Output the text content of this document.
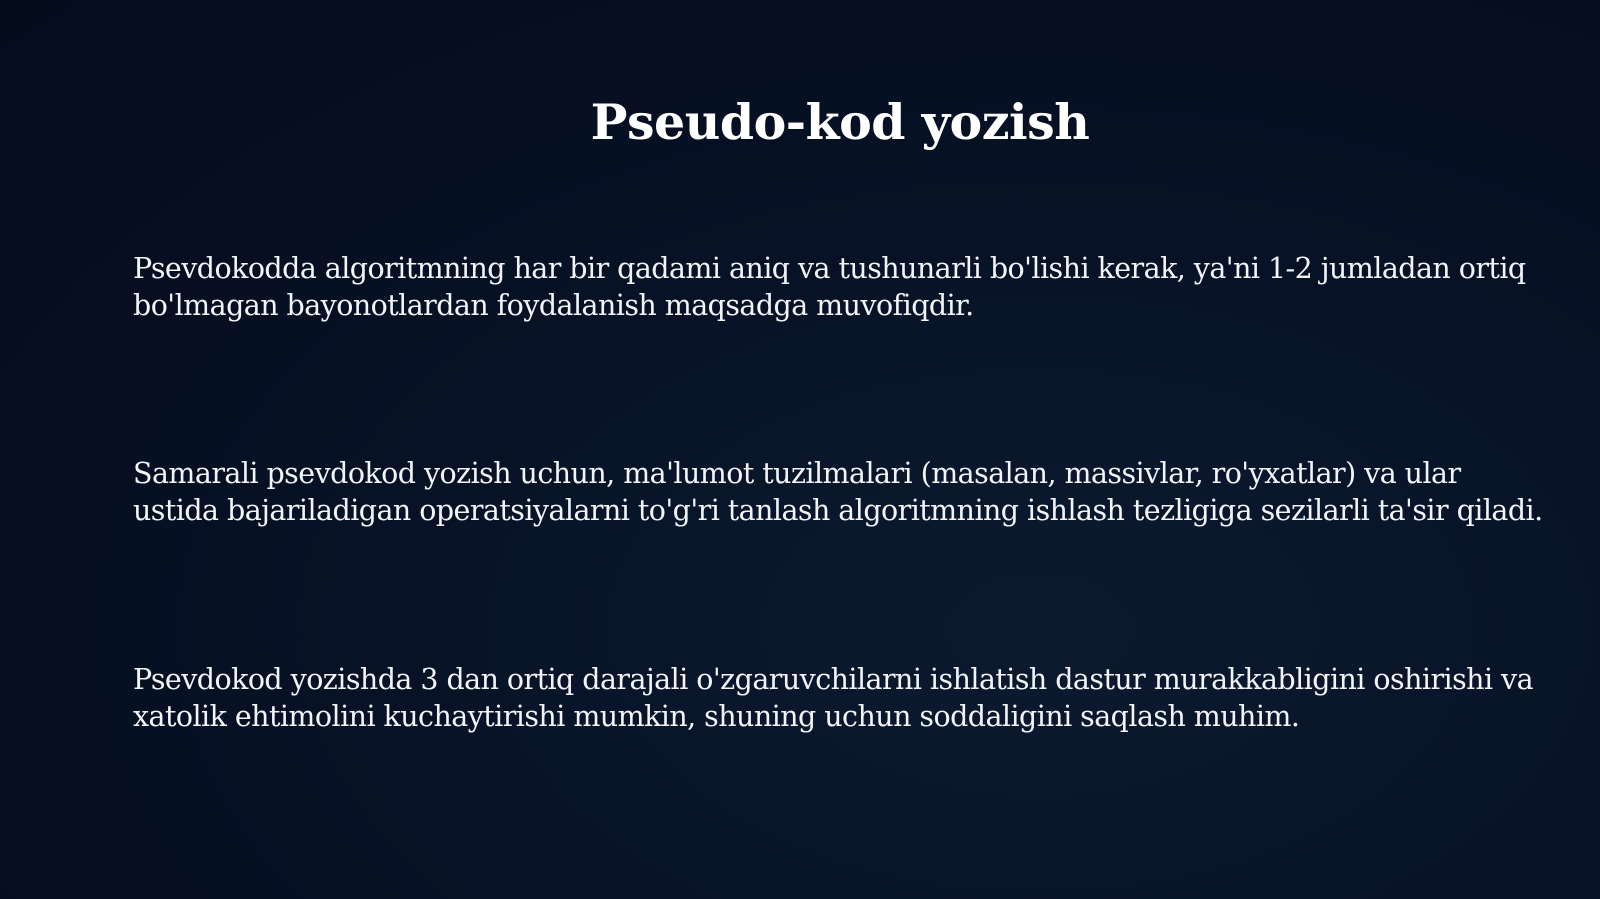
Pseudo-kod yozish

Psevdokodda algoritmning har bir qadami aniq va tushunarli bo'lishi kerak, ya'ni 1-2 jumladan ortiq bo'lmagan bayonotlardan foydalanish maqsadga muvofiqdir.

Samarali psevdokod yozish uchun, ma'lumot tuzilmalari (masalan, massivlar, ro'yxatlar) va ular ustida bajariladigan operatsiyalarni to'g'ri tanlash algoritmning ishlash tezligiga sezilarli ta'sir qiladi.

Psevdokod yozishda 3 dan ortiq darajali o'zgaruvchilarni ishlatish dastur murakkabligini oshirishi va xatolik ehtimolini kuchaytirishi mumkin, shuning uchun soddaligini saqlash muhim.
